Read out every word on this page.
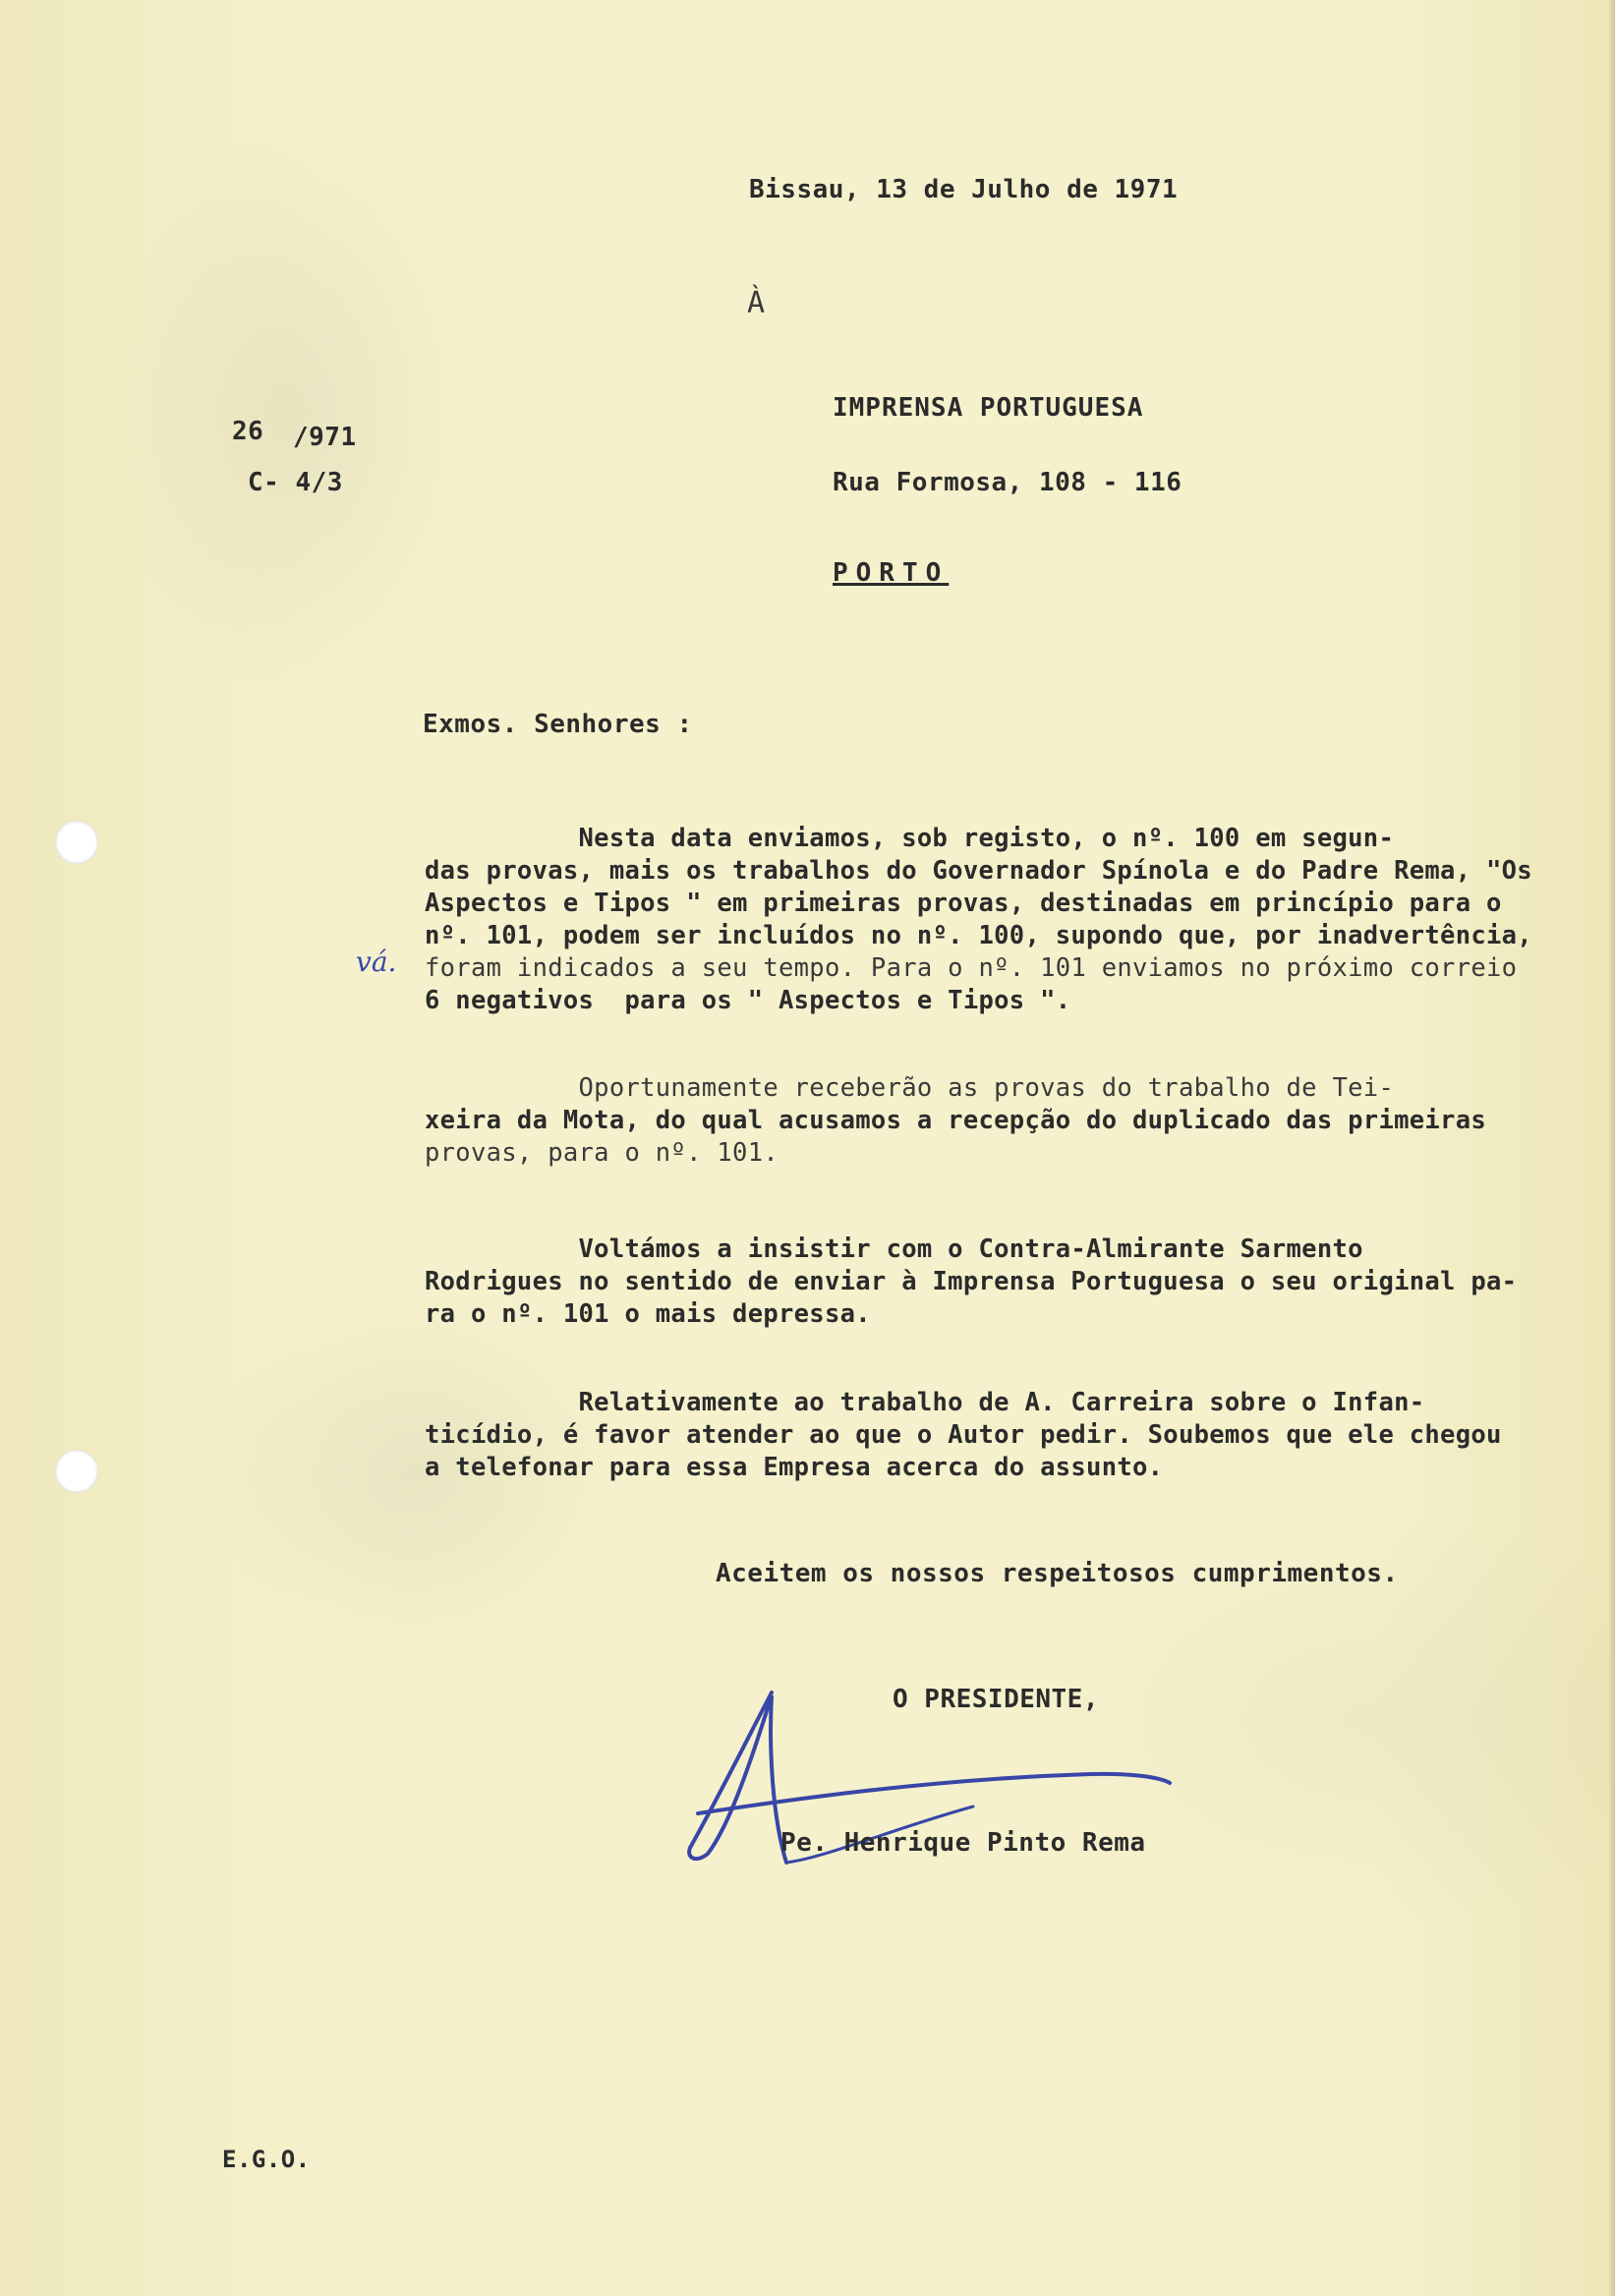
Bissau, 13 de Julho de 1971
À
26 /971
C- 4/3
IMPRENSA PORTUGUESA
Rua Formosa, 108 - 116
PORTO
Exmos. Senhores :
vá.
Nesta data enviamos, sob registo, o nº. 100 em segun-
das provas, mais os trabalhos do Governador Spínola e do Padre Rema, "Os
Aspectos e Tipos " em primeiras provas, destinadas em princípio para o
nº. 101, podem ser incluídos no nº. 100, supondo que, por inadvertência,
foram indicados a seu tempo. Para o nº. 101 enviamos no próximo correio
6 negativos  para os " Aspectos e Tipos ".
Oportunamente receberão as provas do trabalho de Tei-
xeira da Mota, do qual acusamos a recepção do duplicado das primeiras
provas, para o nº. 101.
Voltámos a insistir com o Contra-Almirante Sarmento
Rodrigues no sentido de enviar à Imprensa Portuguesa o seu original pa-
ra o nº. 101 o mais depressa.
Relativamente ao trabalho de A. Carreira sobre o Infan-
ticídio, é favor atender ao que o Autor pedir. Soubemos que ele chegou
a telefonar para essa Empresa acerca do assunto.
Aceitem os nossos respeitosos cumprimentos.
O PRESIDENTE,
Pe. Henrique Pinto Rema
E.G.O.
